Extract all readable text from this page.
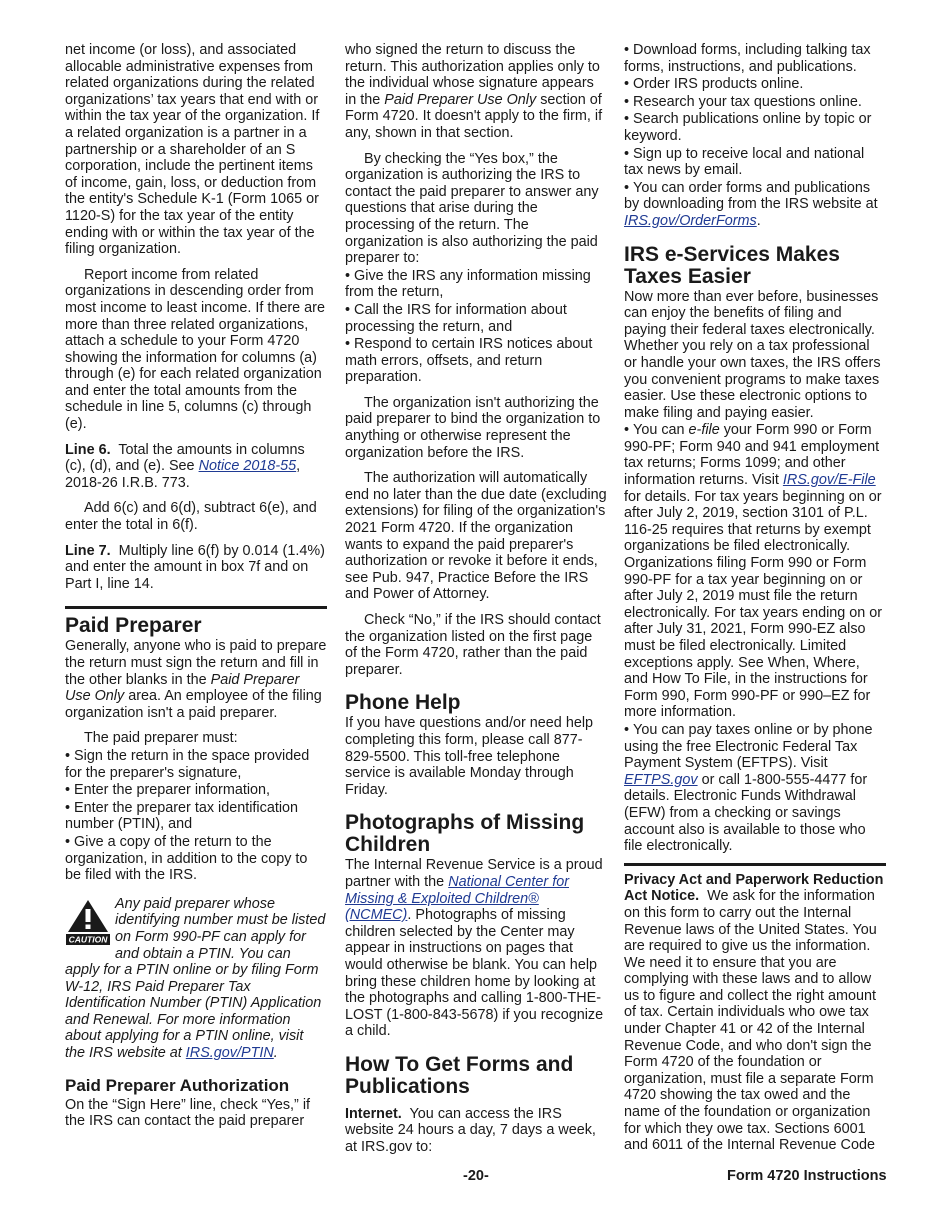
net income (or loss), and associated allocable administrative expenses from related organizations during the related organizations’ tax years that end with or within the tax year of the organization. If a related organization is a partner in a partnership or a shareholder of an S corporation, include the pertinent items of income, gain, loss, or deduction from the entity's Schedule K-1 (Form 1065 or 1120-S) for the tax year of the entity ending with or within the tax year of the filing organization.

Report income from related organizations in descending order from most income to least income. If there are more than three related organizations, attach a schedule to your Form 4720 showing the information for columns (a) through (e) for each related organization and enter the total amounts from the schedule in line 5, columns (c) through (e).

Line 6. Total the amounts in columns (c), (d), and (e). See Notice 2018-55, 2018-26 I.R.B. 773.

Add 6(c) and 6(d), subtract 6(e), and enter the total in 6(f).

Line 7. Multiply line 6(f) by 0.014 (1.4%) and enter the amount in box 7f and on Part I, line 14.

Paid Preparer

Generally, anyone who is paid to prepare the return must sign the return and fill in the other blanks in the Paid Preparer Use Only area. An employee of the filing organization isn't a paid preparer.

The paid preparer must:

• Sign the return in the space provided for the preparer's signature,

• Enter the preparer information,

• Enter the preparer tax identification number (PTIN), and

• Give a copy of the return to the organization, in addition to the copy to be filed with the IRS.

CAUTION
Any paid preparer whose identifying number must be listed on Form 990-PF can apply for and obtain a PTIN. You can apply for a PTIN online or by filing Form W-12, IRS Paid Preparer Tax Identification Number (PTIN) Application and Renewal. For more information about applying for a PTIN online, visit the IRS website at IRS.gov/PTIN.
Paid Preparer Authorization

On the “Sign Here” line, check “Yes,” if the IRS can contact the paid preparer

who signed the return to discuss the return. This authorization applies only to the individual whose signature appears in the Paid Preparer Use Only section of Form 4720. It doesn't apply to the firm, if any, shown in that section.

By checking the “Yes box,” the organization is authorizing the IRS to contact the paid preparer to answer any questions that arise during the processing of the return. The organization is also authorizing the paid preparer to:

• Give the IRS any information missing from the return,

• Call the IRS for information about processing the return, and

• Respond to certain IRS notices about math errors, offsets, and return preparation.

The organization isn't authorizing the paid preparer to bind the organization to anything or otherwise represent the organization before the IRS.

The authorization will automatically end no later than the due date (excluding extensions) for filing of the organization's 2021 Form 4720. If the organization wants to expand the paid preparer's authorization or revoke it before it ends, see Pub. 947, Practice Before the IRS and Power of Attorney.

Check “No,” if the IRS should contact the organization listed on the first page of the Form 4720, rather than the paid preparer.

Phone Help

If you have questions and/or need help completing this form, please call 877-829-5500. This toll-free telephone service is available Monday through Friday.

Photographs of Missing Children

The Internal Revenue Service is a proud partner with the National Center for Missing & Exploited Children® (NCMEC). Photographs of missing children selected by the Center may appear in instructions on pages that would otherwise be blank. You can help bring these children home by looking at the photographs and calling 1-800-THE-LOST (1-800-843-5678) if you recognize a child.

How To Get Forms and Publications

Internet. You can access the IRS website 24 hours a day, 7 days a week, at IRS.gov to:

• Download forms, including talking tax forms, instructions, and publications.

• Order IRS products online.

• Research your tax questions online.

• Search publications online by topic or keyword.

• Sign up to receive local and national tax news by email.

• You can order forms and publications by downloading from the IRS website at IRS.gov/OrderForms.

IRS e-Services Makes Taxes Easier

Now more than ever before, businesses can enjoy the benefits of filing and paying their federal taxes electronically. Whether you rely on a tax professional or handle your own taxes, the IRS offers you convenient programs to make taxes easier. Use these electronic options to make filing and paying easier.

• You can e-file your Form 990 or Form 990-PF; Form 940 and 941 employment tax returns; Forms 1099; and other information returns. Visit IRS.gov/E-File for details. For tax years beginning on or after July 2, 2019, section 3101 of P.L. 116-25 requires that returns by exempt organizations be filed electronically. Organizations filing Form 990 or Form 990-PF for a tax year beginning on or after July 2, 2019 must file the return electronically. For tax years ending on or after July 31, 2021, Form 990-EZ also must be filed electronically. Limited exceptions apply. See When, Where, and How To File, in the instructions for Form 990, Form 990-PF or 990–EZ for more information.

• You can pay taxes online or by phone using the free Electronic Federal Tax Payment System (EFTPS). Visit EFTPS.gov or call 1-800-555-4477 for details. Electronic Funds Withdrawal (EFW) from a checking or savings account also is available to those who file electronically.

Privacy Act and Paperwork Reduction Act Notice. We ask for the information on this form to carry out the Internal Revenue laws of the United States. You are required to give us the information. We need it to ensure that you are complying with these laws and to allow us to figure and collect the right amount of tax. Certain individuals who owe tax under Chapter 41 or 42 of the Internal Revenue Code, and who don't sign the Form 4720 of the foundation or organization, must file a separate Form 4720 showing the tax owed and the name of the foundation or organization for which they owe tax. Sections 6001 and 6011 of the Internal Revenue Code

-20-	Form 4720 Instructions
